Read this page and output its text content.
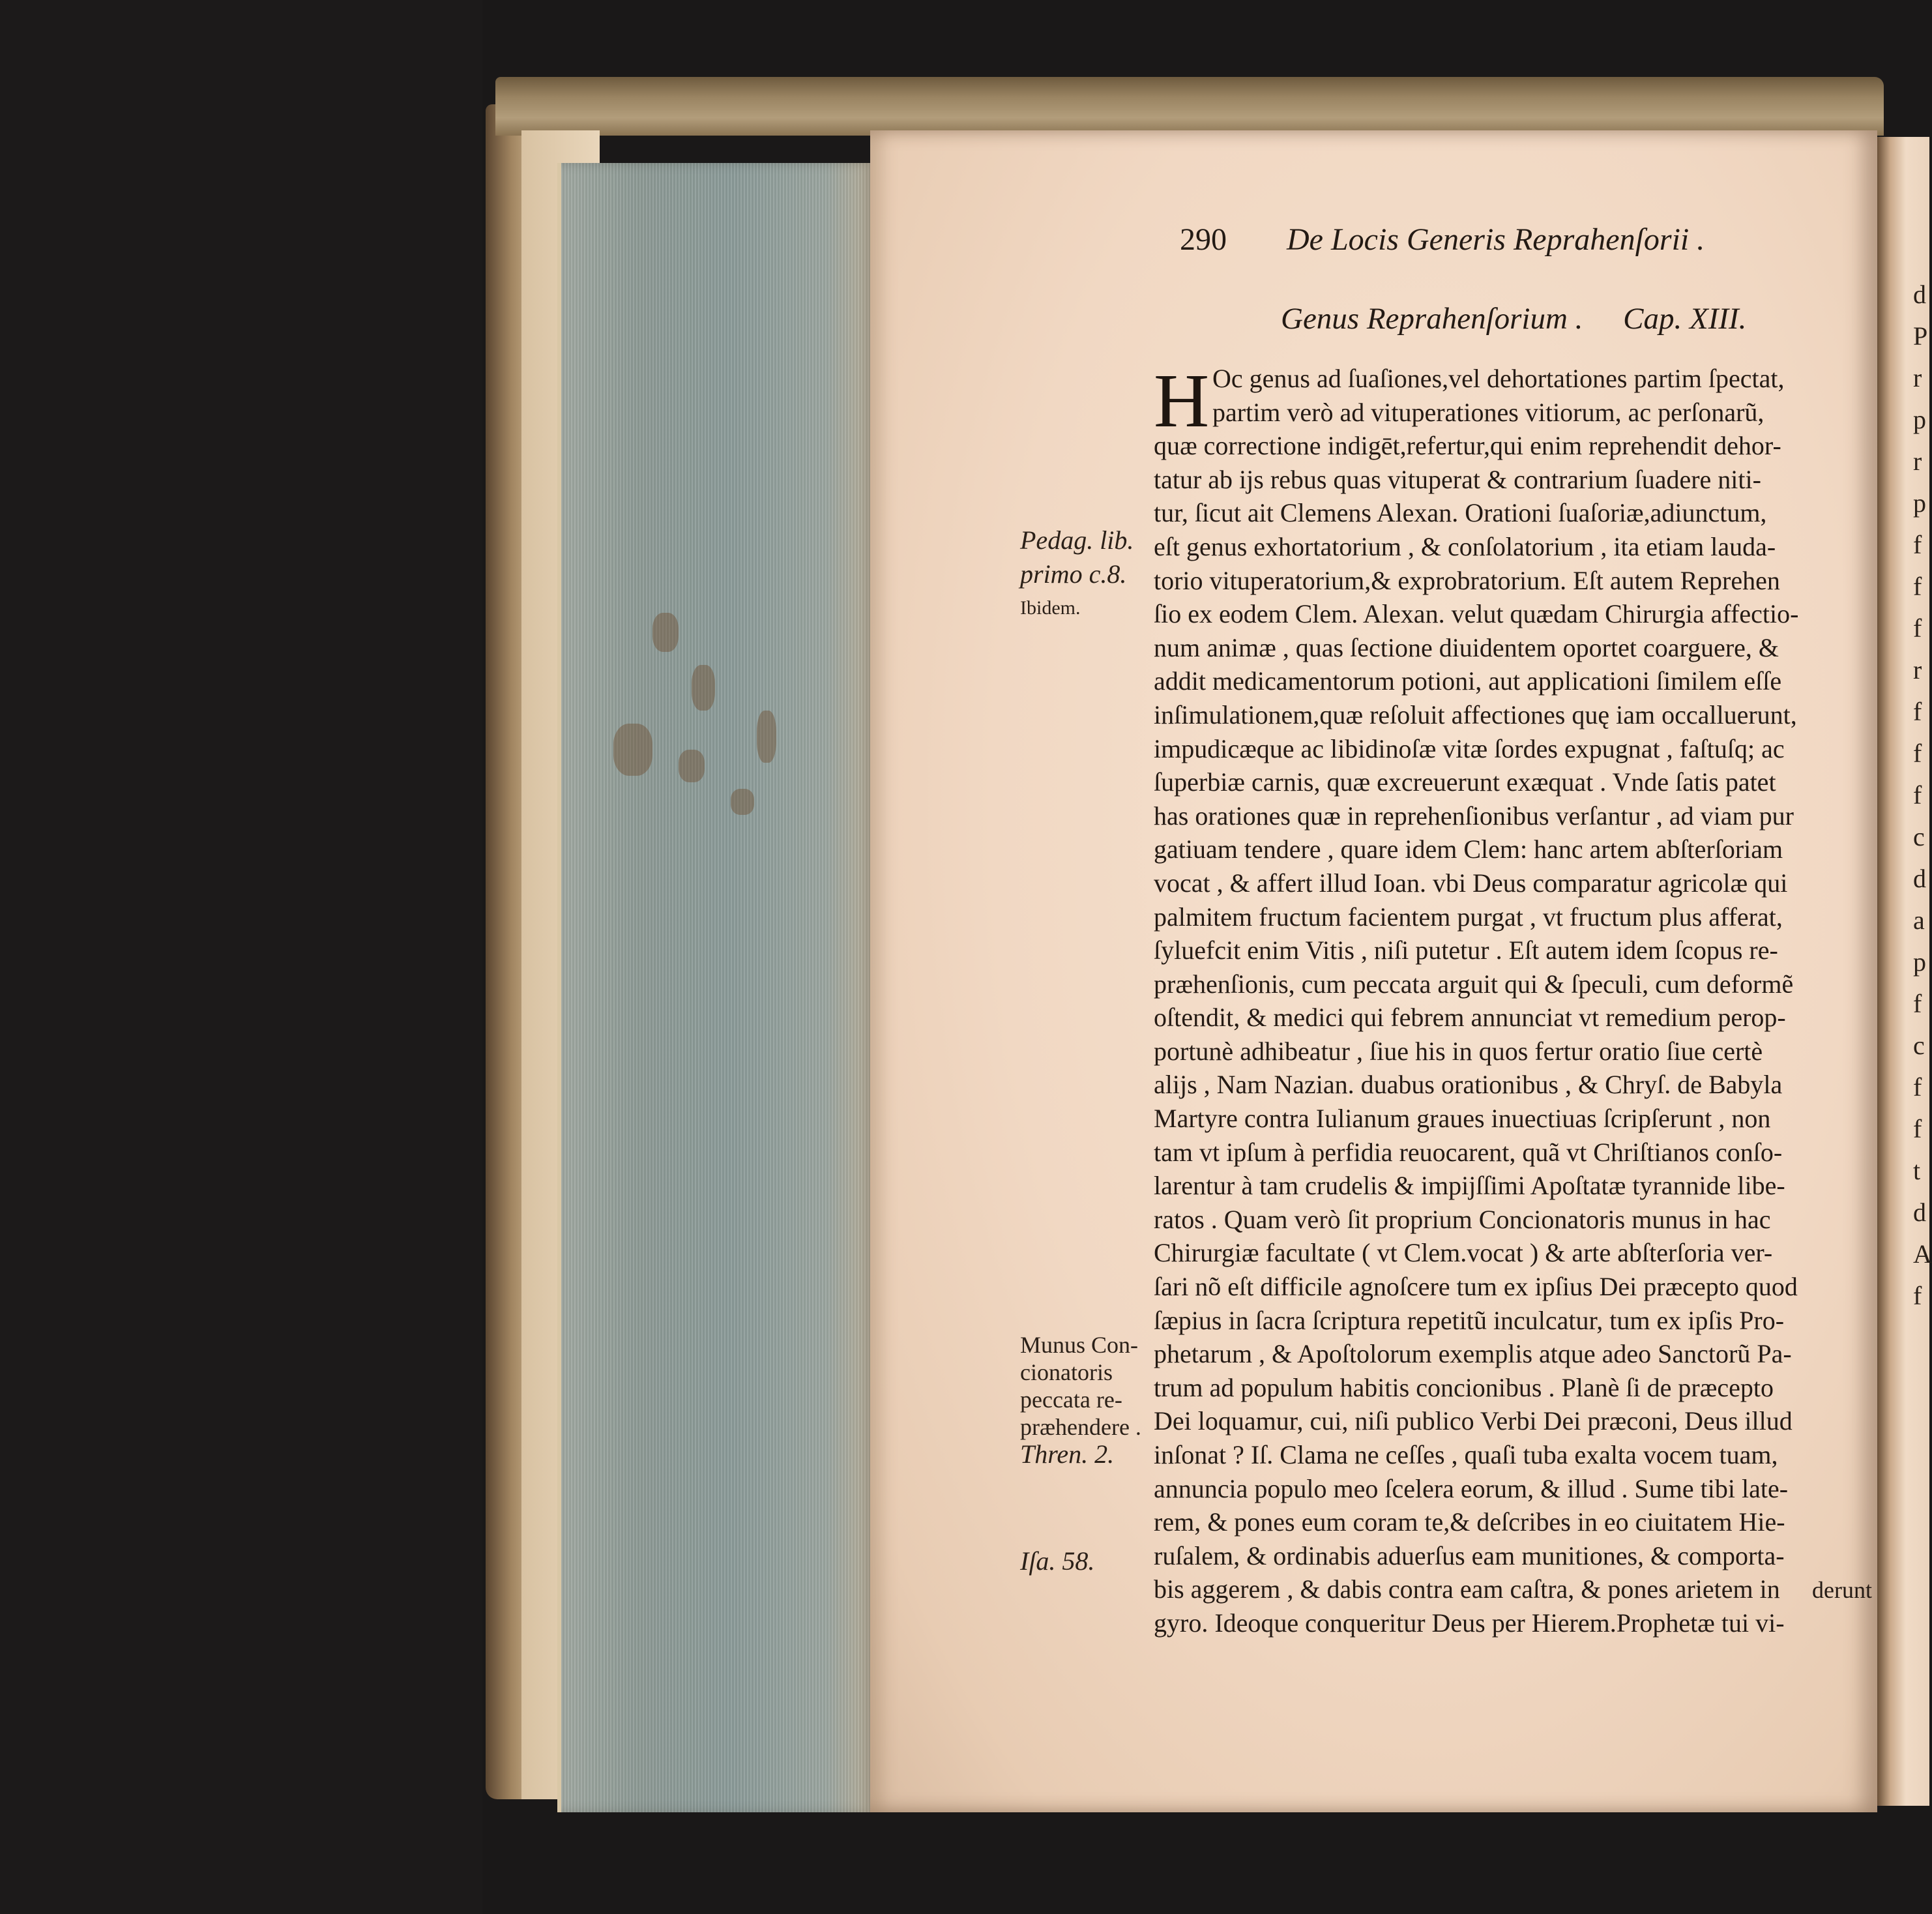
d
P
r
p
r
p
f
f
f
r
f
f
f
c
d
a
p
f
c
f
f
t
d
A
f
290 De Locis Generis Reprahenſorii .
Genus Reprahenſorium . Cap. XIII.
H Oc genus ad ſuaſiones,vel dehortationes partim ſpectat,
partim verò ad vituperationes vitiorum, ac perſonarũ,
quæ correctione indigēt,refertur,qui enim reprehendit dehor-
tatur ab ijs rebus quas vituperat & contrarium ſuadere niti-
tur, ſicut ait Clemens Alexan. Orationi ſuaſoriæ,adiunctum,
eſt genus exhortatorium , & conſolatorium , ita etiam lauda-
torio vituperatorium,& exprobratorium. Eſt autem Reprehen
ſio ex eodem Clem. Alexan. velut quædam Chirurgia affectio-
num animæ , quas ſectione diuidentem oportet coarguere, &
addit medicamentorum potioni, aut applicationi ſimilem eſſe
inſimulationem,quæ reſoluit affectiones quę iam occalluerunt,
impudicæque ac libidinoſæ vitæ ſordes expugnat , faſtuſq; ac
ſuperbiæ carnis, quæ excreuerunt exæquat . Vnde ſatis patet
has orationes quæ in reprehenſionibus verſantur , ad viam pur
gatiuam tendere , quare idem Clem: hanc artem abſterſoriam
vocat , & affert illud Ioan. vbi Deus comparatur agricolæ qui
palmitem fructum facientem purgat , vt fructum plus afferat,
ſyluefcit enim Vitis , niſi putetur . Eſt autem idem ſcopus re-
præhenſionis, cum peccata arguit qui & ſpeculi, cum deformẽ
oſtendit, & medici qui febrem annunciat vt remedium perop-
portunè adhibeatur , ſiue his in quos fertur oratio ſiue certè
alijs , Nam Nazian. duabus orationibus , & Chryſ. de Babyla
Martyre contra Iulianum graues inuectiuas ſcripſerunt , non
tam vt ipſum à perfidia reuocarent, quã vt Chriſtianos conſo-
larentur à tam crudelis & impijſſimi Apoſtatæ tyrannide libe-
ratos . Quam verò ſit proprium Concionatoris munus in hac
Chirurgiæ facultate ( vt Clem.vocat ) & arte abſterſoria ver-
ſari nõ eſt difficile agnoſcere tum ex ipſius Dei præcepto quod
ſæpius in ſacra ſcriptura repetitũ inculcatur, tum ex ipſis Pro-
phetarum , & Apoſtolorum exemplis atque adeo Sanctorũ Pa-
trum ad populum habitis concionibus . Planè ſi de præcepto
Dei loquamur, cui, niſi publico Verbi Dei præconi, Deus illud
inſonat ? Iſ. Clama ne ceſſes , quaſi tuba exalta vocem tuam,
annuncia populo meo ſcelera eorum, & illud . Sume tibi late-
rem, & pones eum coram te,& deſcribes in eo ciuitatem Hie-
ruſalem, & ordinabis aduerſus eam munitiones, & comporta-
bis aggerem , & dabis contra eam caſtra, & pones arietem in
gyro. Ideoque conqueritur Deus per Hierem.Prophetæ tui vi-
Pedag. lib.
primo c.8.
Ibidem.
Munus Con-
cionatoris
peccata re-
præhendere .
Thren. 2.
Iſa. 58.
derunt
